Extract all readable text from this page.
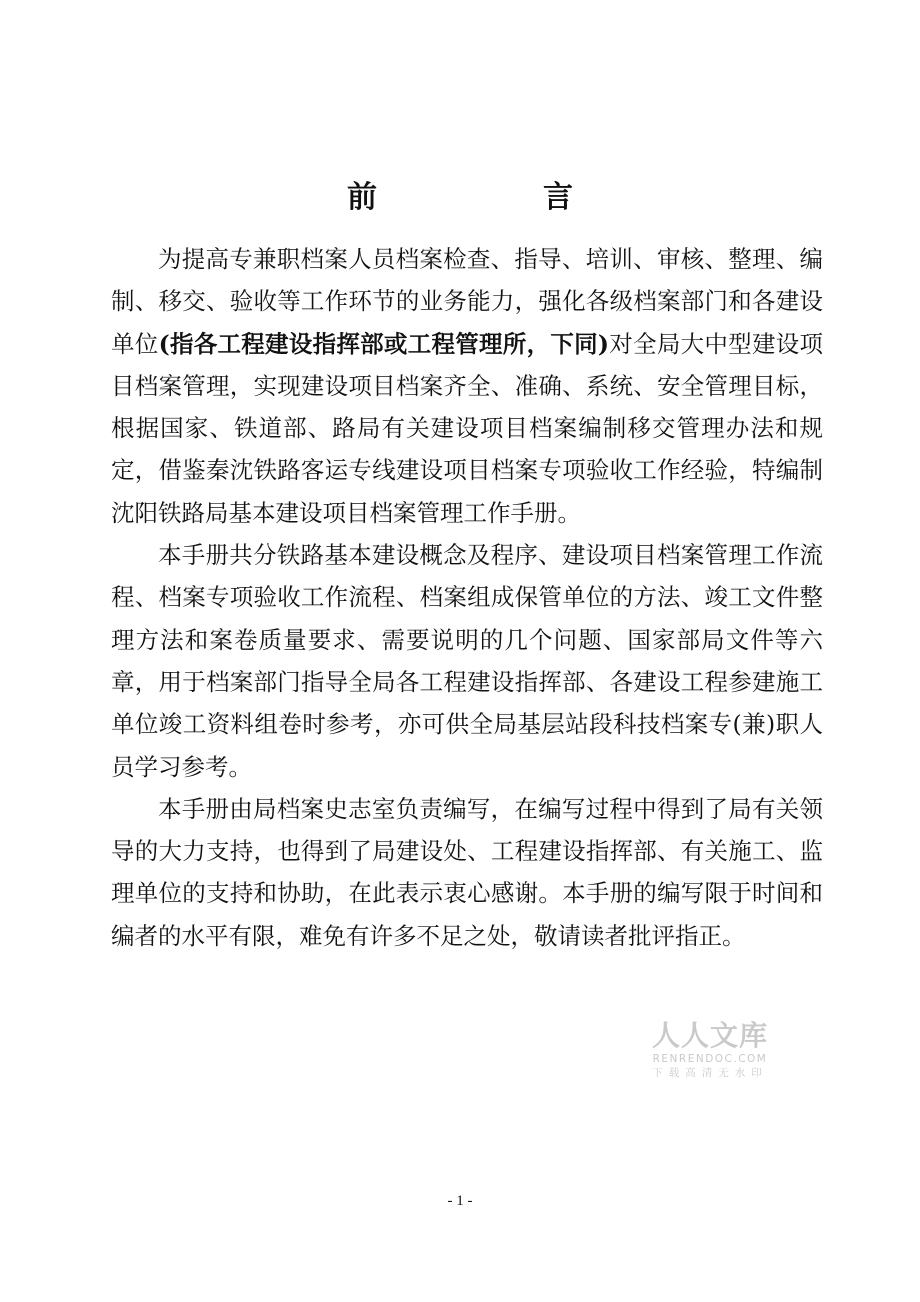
前　言

为提高专兼职档案人员档案检查、指导、培训、审核、整理、编制、移交、验收等工作环节的业务能力，强化各级档案部门和各建设单位(指各工程建设指挥部或工程管理所，下同)对全局大中型建设项目档案管理，实现建设项目档案齐全、准确、系统、安全管理目标，根据国家、铁道部、路局有关建设项目档案编制移交管理办法和规定，借鉴秦沈铁路客运专线建设项目档案专项验收工作经验，特编制沈阳铁路局基本建设项目档案管理工作手册。

本手册共分铁路基本建设概念及程序、建设项目档案管理工作流程、档案专项验收工作流程、档案组成保管单位的方法、竣工文件整理方法和案卷质量要求、需要说明的几个问题、国家部局文件等六章，用于档案部门指导全局各工程建设指挥部、各建设工程参建施工单位竣工资料组卷时参考，亦可供全局基层站段科技档案专(兼)职人员学习参考。

本手册由局档案史志室负责编写，在编写过程中得到了局有关领导的大力支持，也得到了局建设处、工程建设指挥部、有关施工、监理单位的支持和协助，在此表示衷心感谢。本手册的编写限于时间和编者的水平有限，难免有许多不足之处，敬请读者批评指正。

人人文库
RENRENDOC.COM
下载高清无水印
- 1 -
